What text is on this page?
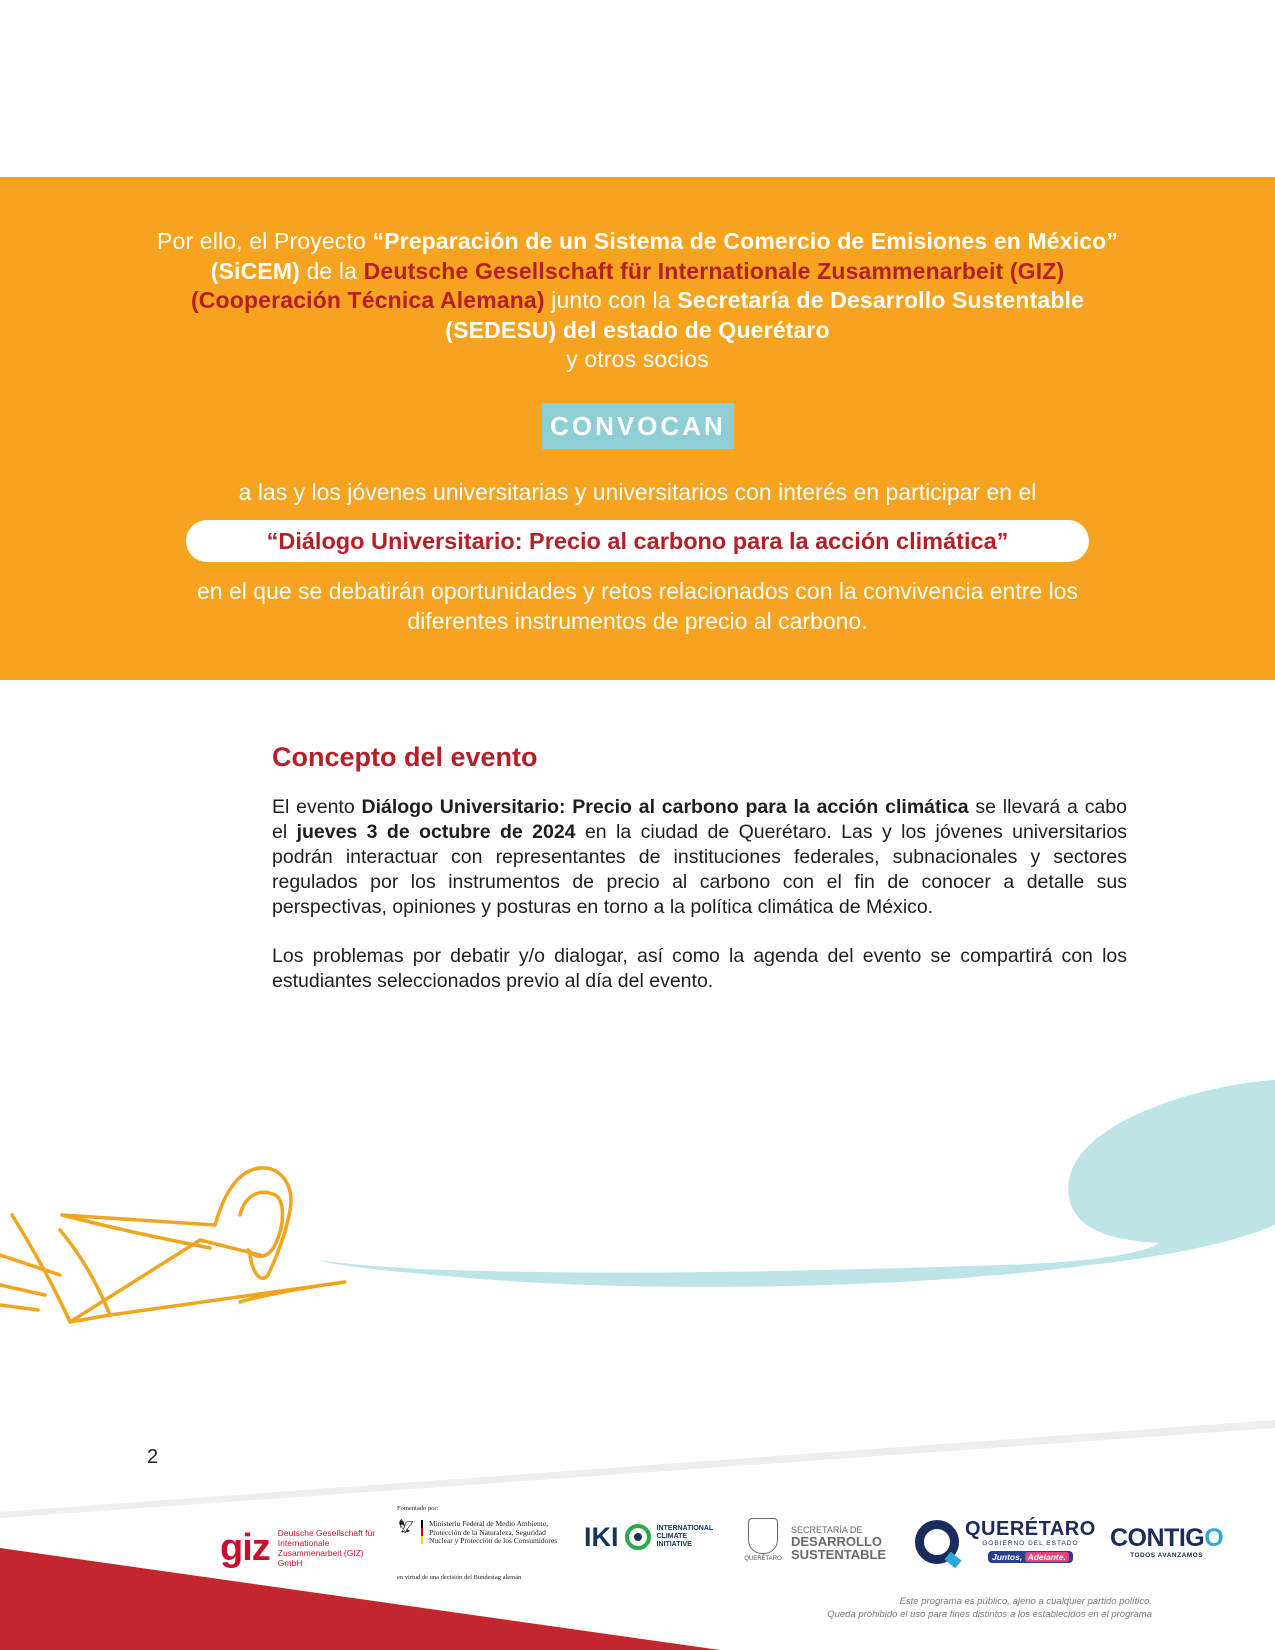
Por ello, el Proyecto “Preparación de un Sistema de Comercio de Emisiones en México” (SiCEM) de la Deutsche Gesellschaft für Internationale Zusammenarbeit (GIZ) (Cooperación Técnica Alemana) junto con la Secretaría de Desarrollo Sustentable (SEDESU) del estado de Querétaro
y otros socios

CONVOCAN

a las y los jóvenes universitarias y universitarios con interés en participar en el

“Diálogo Universitario: Precio al carbono para la acción climática”

en el que se debatirán oportunidades y retos relacionados con la convivencia entre los diferentes instrumentos de precio al carbono.

Concepto del evento

El evento Diálogo Universitario: Precio al carbono para la acción climática se llevará a cabo el jueves 3 de octubre de 2024 en la ciudad de Querétaro. Las y los jóvenes universitarios podrán interactuar con representantes de instituciones federales, subnacionales y sectores regulados por los instrumentos de precio al carbono con el fin de conocer a detalle sus perspectivas, opiniones y posturas en torno a la política climática de México.

Los problemas por debatir y/o dialogar, así como la agenda del evento se compartirá con los estudiantes seleccionados previo al día del evento.

2
giz Deutsche Gesellschaft für Internationale Zusammenarbeit (GIZ) GmbH
Fomentado por:
🦅︎ Ministerio Federal de Medio Ambiente, Protección de la Naturaleza, Seguridad Nuclear y Protección de los Consumidores
en virtud de una decisión del Bundestag alemán
IKI	INTERNATIONAL CLIMATE INITIATIVE
QUERÉTARO
SECRETARÍA DE
DESARROLLO
SUSTENTABLE
QUERÉTARO
GOBIERNO DEL ESTADO
Juntos, Adelante.
CONTIGO
TODOS AVANZAMOS
Este programa es público, ajeno a cualquier partido político.
Queda prohibido el uso para fines distintos a los establecidos en el programa
